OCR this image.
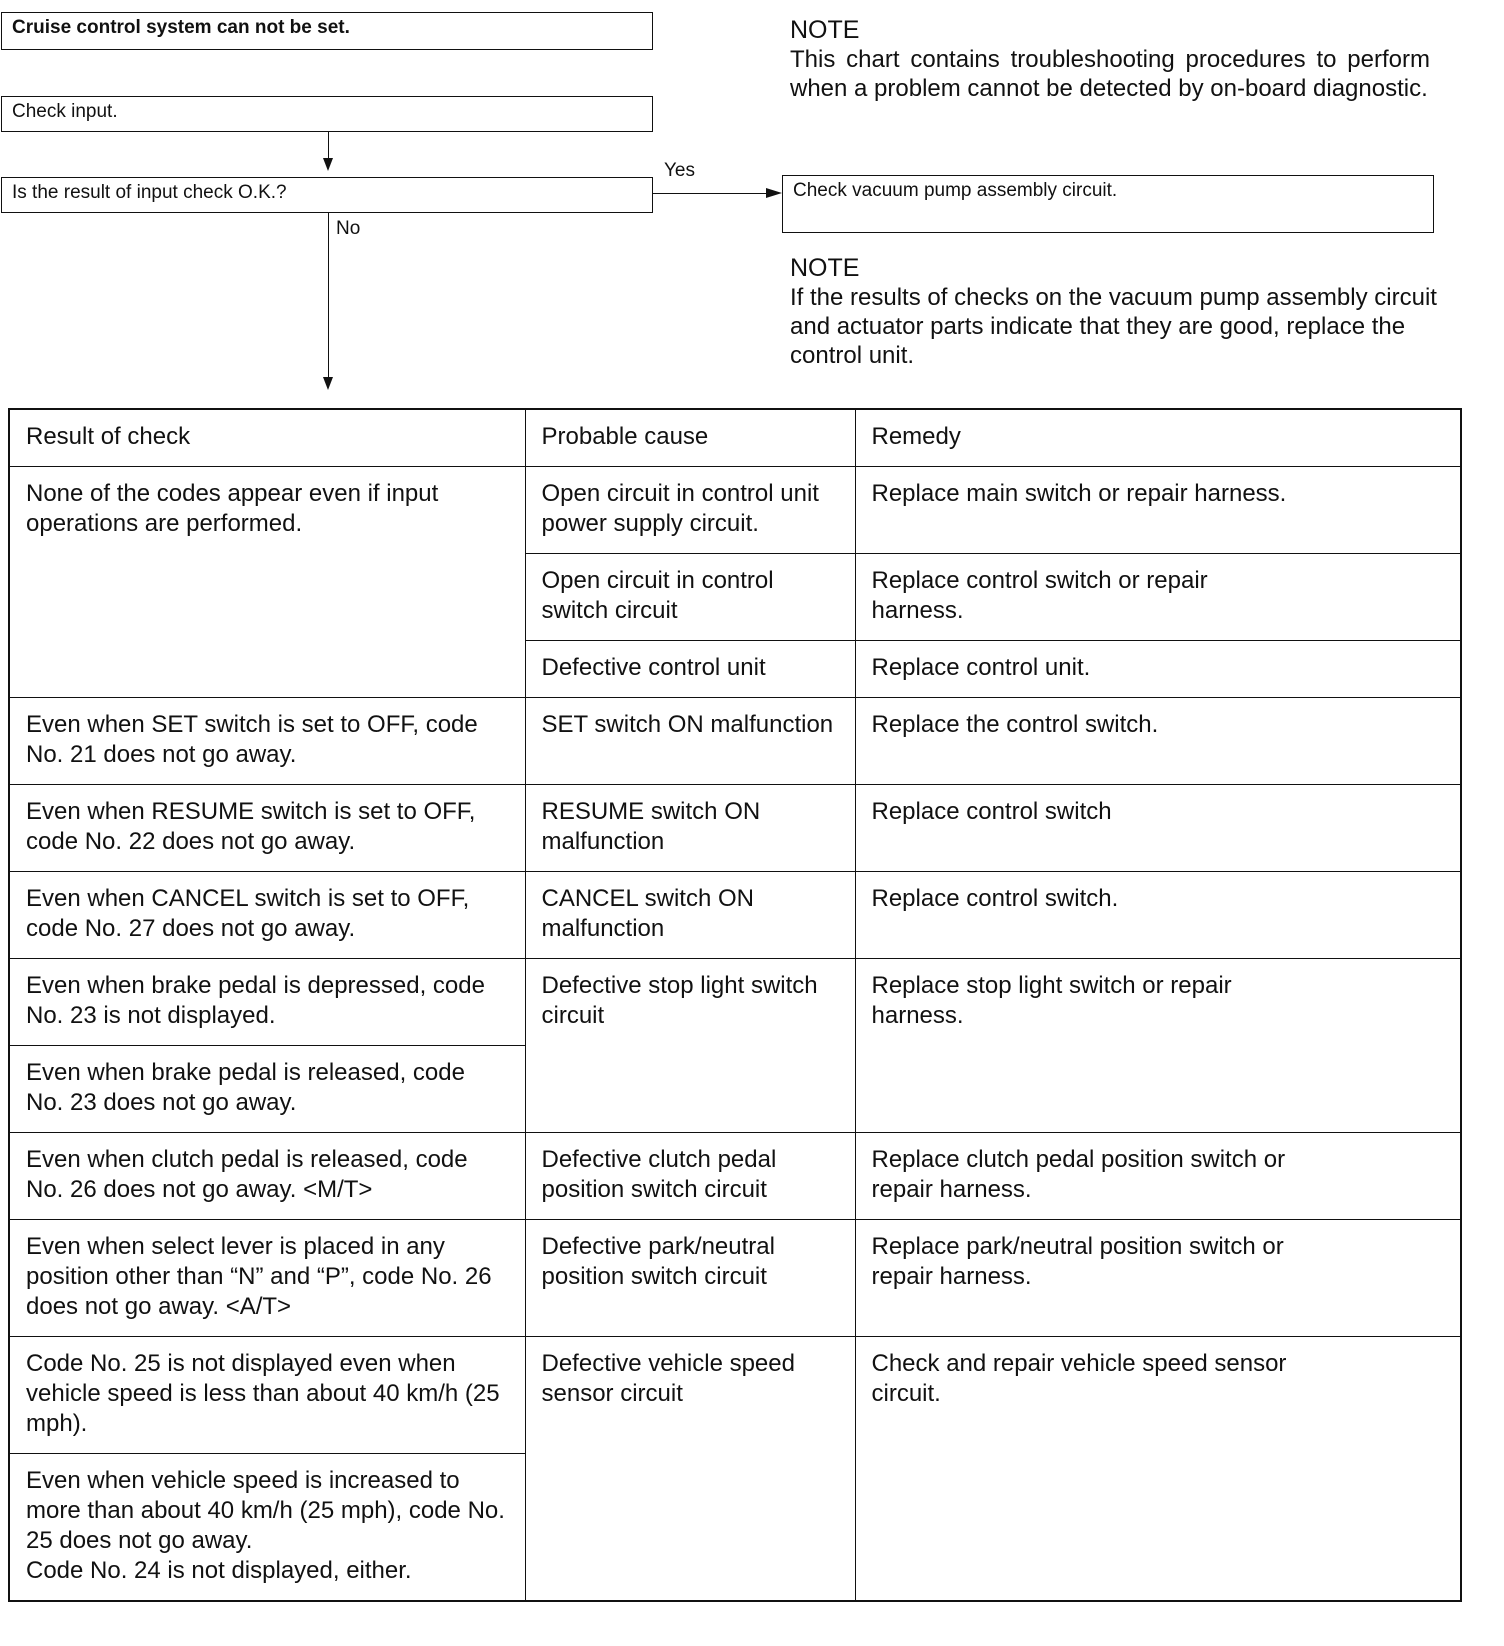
Cruise control system can not be set.
Check input.
Is the result of input check O.K.?
Yes
Check vacuum pump assembly circuit.
No
NOTE
This chart contains troubleshooting procedures to perform when a problem cannot be detected by on-board diagnostic.
NOTE
If the results of checks on the vacuum pump assembly circuit and actuator parts indicate that they are good, replace the control unit.
Result of check	Probable cause	Remedy
None of the codes appear even if input operations are performed.	Open circuit in control unit power supply circuit.	Replace main switch or repair harness.
	Open circuit in control switch circuit	Replace control switch or repair harness.
	Defective control unit	Replace control unit.
Even when SET switch is set to OFF, code No. 21 does not go away.	SET switch ON malfunction	Replace the control switch.
Even when RESUME switch is set to OFF, code No. 22 does not go away.	RESUME switch ON malfunction	Replace control switch
Even when CANCEL switch is set to OFF, code No. 27 does not go away.	CANCEL switch ON malfunction	Replace control switch.
Even when brake pedal is depressed, code No. 23 is not displayed.	Defective stop light switch circuit	Replace stop light switch or repair harness.
Even when brake pedal is released, code No. 23 does not go away.		
Even when clutch pedal is released, code No. 26 does not go away. <M/T>	Defective clutch pedal position switch circuit	Replace clutch pedal position switch or repair harness.
Even when select lever is placed in any position other than “N” and “P”, code No. 26 does not go away. <A/T>	Defective park/neutral position switch circuit	Replace park/neutral position switch or repair harness.
Code No. 25 is not displayed even when vehicle speed is less than about 40 km/h (25 mph).	Defective vehicle speed sensor circuit	Check and repair vehicle speed sensor circuit.

Even when vehicle speed is increased to more than about 40 km/h (25 mph), code No. 25 does not go away.
Code No. 24 is not displayed, either.		
